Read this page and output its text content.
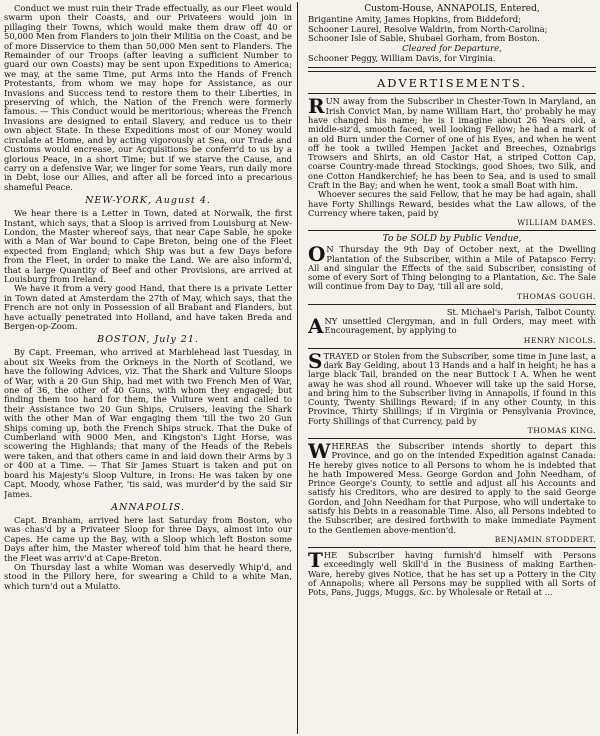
Conduct we must ruin their Trade effectually, as our Fleet would swarm upon their Coasts, and our Privateers would join in pillaging their Towns, which would make them draw off 40 or 50,000 Men from Flanders to join their Militia on the Coast, and be of more Disservice to them than 50,000 Men sent to Flanders. The Remainder of our Troops (after leaving a sufficient Number to guard our own Coasts) may be sent upon Expeditions to America; we may, at the same Time, put Arms into the Hands of French Protestants, from whom we may hope for Assistance, as our Invasions and Success tend to restore them to their Liberties, in preserving of which, the Nation of the French were formerly famous. — This Conduct would be meritorious; whereas the French Invasions are designed to entail Slavery, and reduce us to their own abject State. In these Expeditions most of our Money would circulate at Home, and by acting vigorously at Sea, our Trade and Customs would encrease, our Acquisitions be conferr'd to us by a glorious Peace, in a short Time; but if we starve the Cause, and carry on a defensive War, we linger for some Years, run daily more in Debt, lose our Allies, and after all be forced into a precarious shameful Peace.

NEW-YORK, August 4.

We hear there is a Letter in Town, dated at Norwalk, the first Instant, which says, that a Sloop is arrived from Louisburg at New-London, the Master whereof says, that near Cape Sable, he spoke with a Man of War bound to Cape Breton, being one of the Fleet expected from England; which Ship was but a few Days before from the Fleet, in order to make the Land. We are also inform'd, that a large Quantity of Beef and other Provisions, are arrived at Louisburg from Ireland.

We have it from a very good Hand, that there is a private Letter in Town dated at Amsterdam the 27th of May, which says, that the French are not only in Possession of all Brabant and Flanders, but have actually penetrated into Holland, and have taken Breda and Bergen-op-Zoom.

BOSTON, July 21.

By Capt. Freeman, who arrived at Marblehead last Tuesday, in about six Weeks from the Orkneys in the North of Scotland, we have the following Advices, viz. That the Shark and Vulture Sloops of War, with a 20 Gun Ship, had met with two French Men of War, one of 36, the other of 40 Guns, with whom they engaged; but finding them too hard for them, the Vulture went and called to their Assistance two 20 Gun Ships, Cruisers, leaving the Shark with the other Man of War engaging them 'till the two 20 Gun Ships coming up, both the French Ships struck. That the Duke of Cumberland with 9000 Men, and Kingston's Light Horse, was scowering the Highlands; that many of the Heads of the Rebels were taken, and that others came in and laid down their Arms by 3 or 400 at a Time. — That Sir James Stuart is taken and put on board his Majesty's Sloop Vulture, in Irons: He was taken by one Capt. Moody, whose Father, 'tis said, was murder'd by the said Sir James.

ANNAPOLIS.

Capt. Branham, arrived here last Saturday from Boston, who was chas'd by a Privateer Sloop for three Days, almost into our Capes. He came up the Bay, with a Sloop which left Boston some Days after him, the Master whereof told him that he heard there, the Fleet was arriv'd at Cape-Breton.

On Thursday last a white Woman was deservedly Whip'd, and stood in the Pillory here, for swearing a Child to a white Man, which turn'd out a Mulatto.

Custom-House, ANNAPOLIS, Entered,
Brigantine Amity, James Hopkins, from Biddeford;
Schooner Laurel, Resolve Waldrin, from North-Carolina;
Schooner Isle of Sable, Shubael Gorham, from Boston.
Cleared for Departure,
Schooner Peggy, William Davis, for Virginia.
ADVERTISEMENTS.

RUN away from the Subscriber in Chester-Town in Maryland, an Irish Convict Man, by name William Hart, tho' probably he may have changed his name; he is I imagine about 26 Years old, a middle-siz'd, smooth faced, well looking Fellow; he had a mark of an old Burn under the Corner of one of his Eyes, and when he went off he took a twilled Hempen Jacket and Breeches, Oznabrigs Trowsers and Shirts, an old Castor Hat, a striped Cotton Cap, coarse Country-made thread Stockings, good Shoes, two Silk, and one Cotton Handkerchief; he has been to Sea, and is used to small Craft in the Bay; and when he went, took a small Boat with him.

Whoever secures the said Fellow, that he may be had again, shall have Forty Shillings Reward, besides what the Law allows, of the Currency where taken, paid by

WILLIAM DAMES.
To be SOLD by Public Vendue,

O N Thursday the 9th Day of October next, at the Dwelling Plantation of the Subscriber, within a Mile of Patapsco Ferry: All and singular the Effects of the said Subscriber, consisting of some of every Sort of Thing belonging to a Plantation, &c. The Sale will continue from Day to Day, 'till all are sold,

THOMAS GOUGH.
St. Michael's Parish, Talbot County.

ANY unsettled Clergyman, and in full Orders, may meet with Encouragement, by applying to

HENRY NICOLS.

STRAYED or Stolen from the Subscriber, some time in June last, a dark Bay Gelding, about 13 Hands and a half in height; he has a large black Tail, branded on the near Buttock I A. When he went away he was shod all round. Whoever will take up the said Horse, and bring him to the Subscriber living in Annapolis, if found in this County, Twenty Shillings Reward; if in any other County, in this Province, Thirty Shillings; if in Virginia or Pensylvania Province, Forty Shillings of that Currency, paid by

THOMAS KING.

WHEREAS the Subscriber intends shortly to depart this Province, and go on the intended Expedition against Canada: He hereby gives notice to all Persons to whom he is indebted that he hath Impowered Mess. George Gordon and John Needham, of Prince George's County, to settle and adjust all his Accounts and satisfy his Creditors, who are desired to apply to the said George Gordon, and John Needham for that Purpose, who will undertake to satisfy his Debts in a reasonable Time. Also, all Persons indebted to the Subscriber, are desired forthwith to make immediate Payment to the Gentlemen above-mention'd.

BENJAMIN STODDERT.

THE Subscriber having furnish'd himself with Persons exceedingly well Skill'd in the Business of making Earthen-Ware, hereby gives Notice, that he has set up a Pottery in the City of Annapolis; where all Persons may be supplied with all Sorts of Pots, Pans, Juggs, Muggs, &c. by Wholesale or Retail at ...
